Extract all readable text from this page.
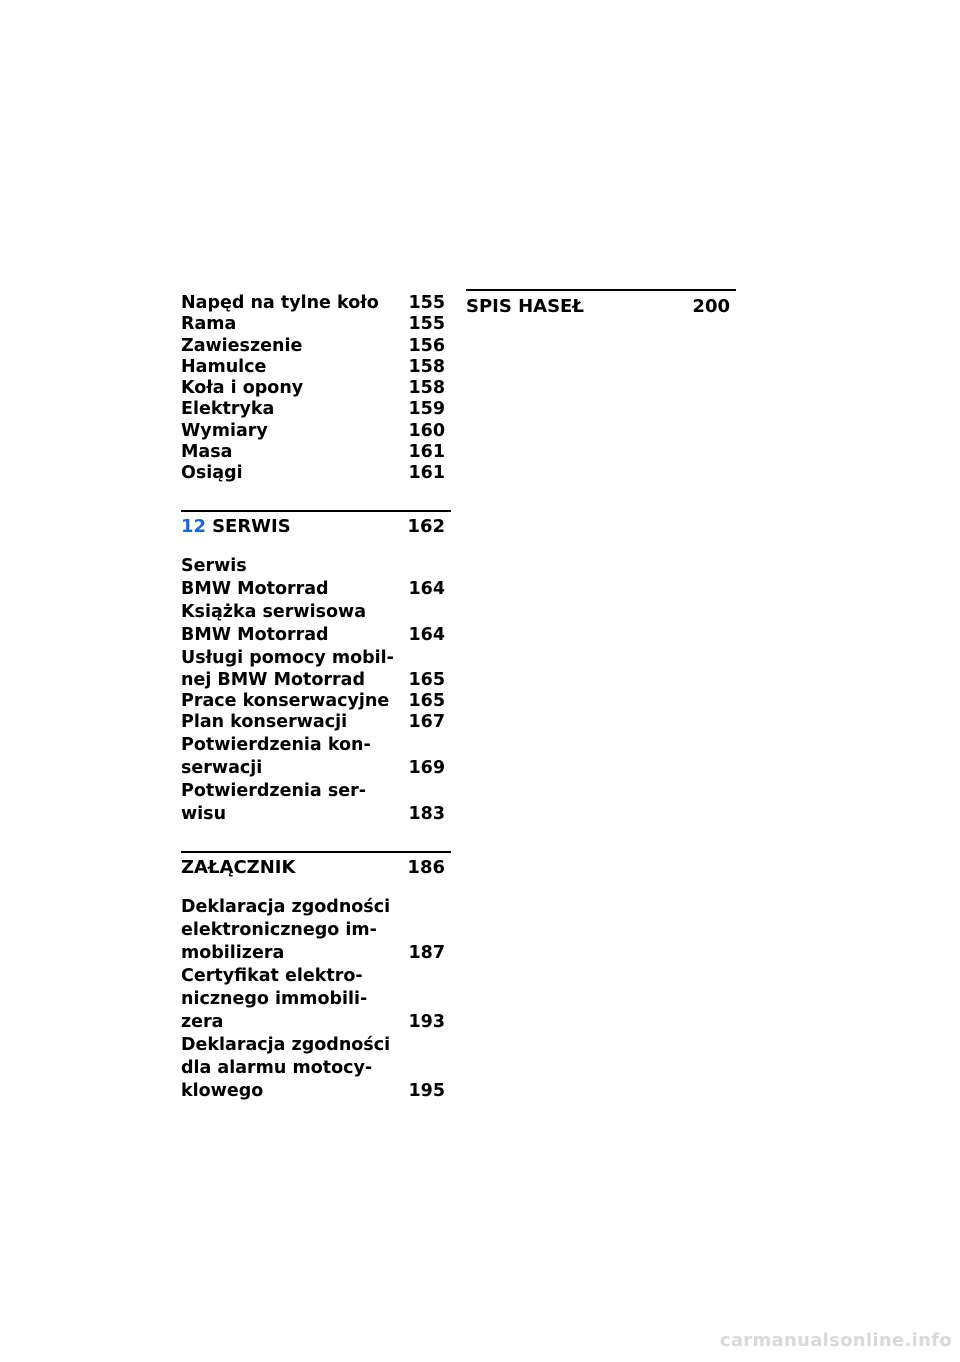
Napęd na tylne koło 155
Rama	155
Zawieszenie	156
Hamulce	158
Koła i opony	158
Elektryka	159
Wymiary	160
Masa	161
Osiągi	161
12 SERWIS	162
Serwis
BMW Motorrad	164
Książka serwisowa
BMW Motorrad	164
Usługi pomocy mobil-
nej BMW Motorrad 165
Prace konserwacyjne 165
Plan konserwacji	167
Potwierdzenia kon-
serwacji	169
Potwierdzenia ser-
wisu	183
ZAŁĄCZNIK	186
Deklaracja zgodności
elektronicznego im-
mobilizera	187
Certyfikat elektro-
nicznego immobili-
zera	193
Deklaracja zgodności
dla alarmu motocy-
klowego	195
SPIS HASEŁ	200
carmanualsonline.info
